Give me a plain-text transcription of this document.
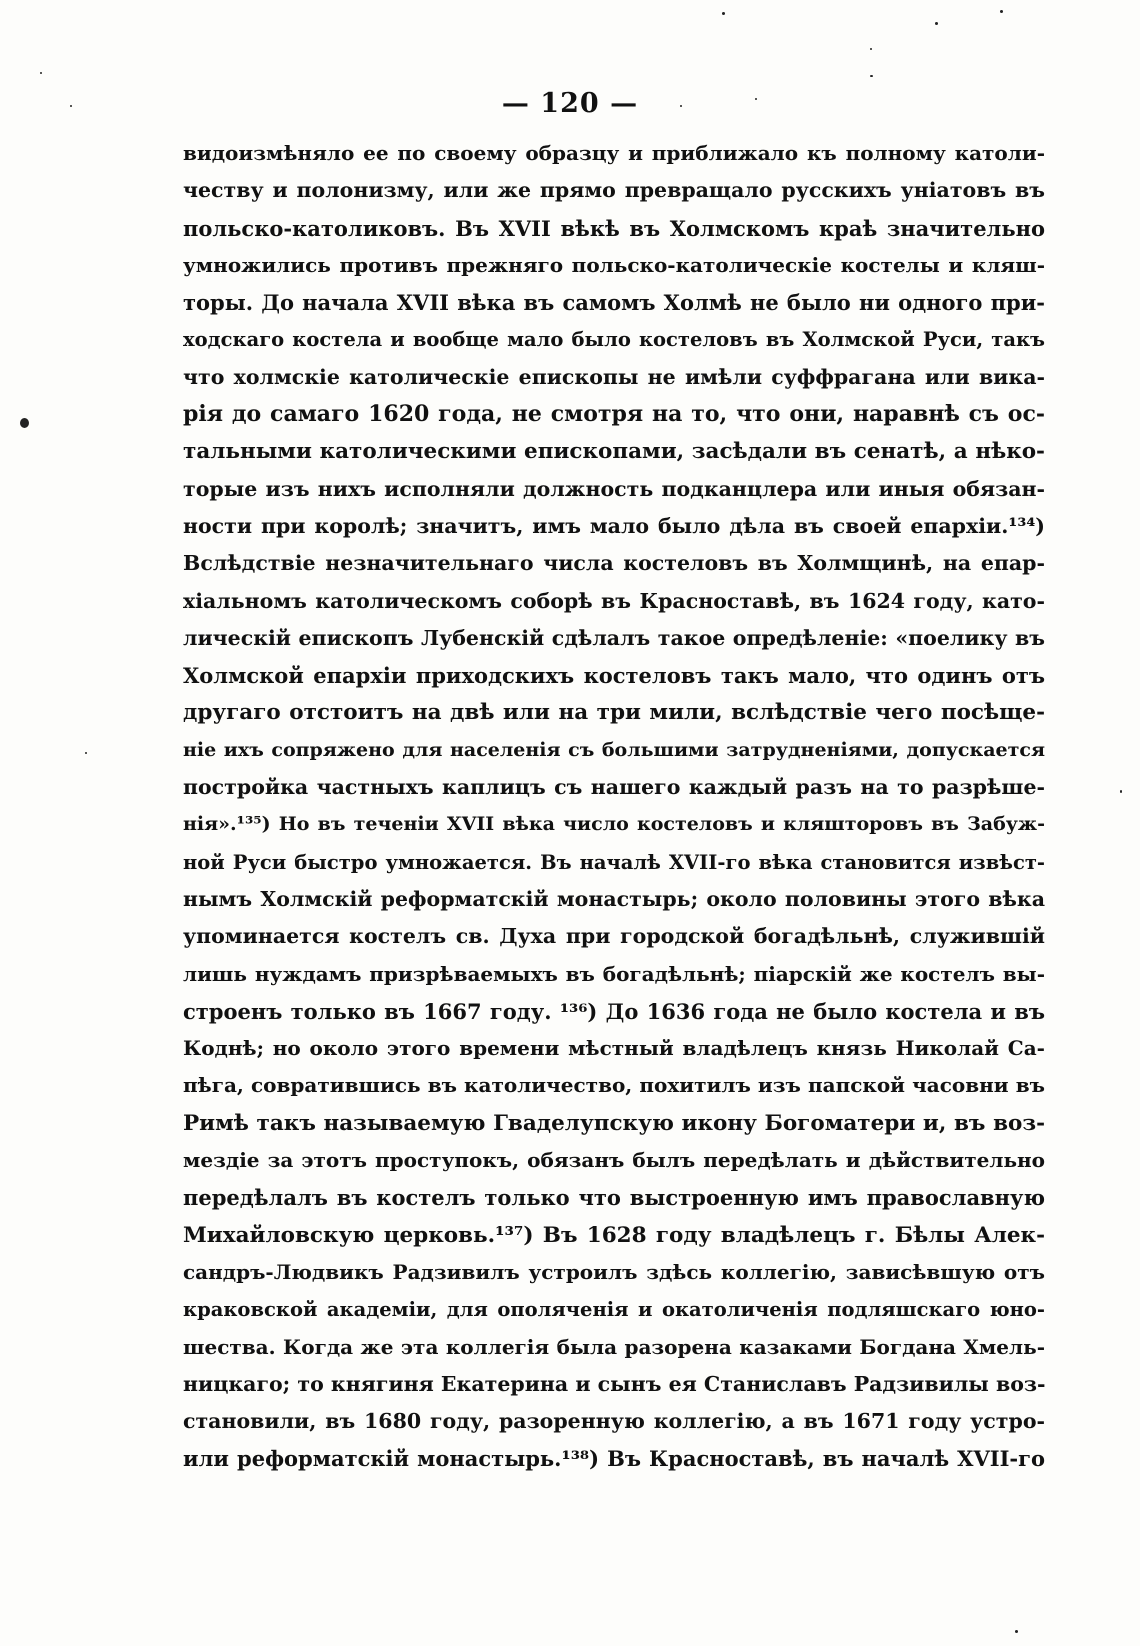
— 120 —
видоизмѣняло ее по своему образцу и приближало къ полному католи-
честву и полонизму, или же прямо превращало русскихъ уніатовъ въ
польско-католиковъ. Въ XVII вѣкѣ въ Холмскомъ краѣ значительно
умножились противъ прежняго польско-католическіе костелы и кляш-
торы. До начала XVII вѣка въ самомъ Холмѣ не было ни одного при-
ходскаго костела и вообще мало было костеловъ въ Холмской Руси, такъ
что холмскіе католическіе епископы не имѣли суффрагана или вика-
рія до самаго 1620 года, не смотря на то, что они, наравнѣ съ ос-
тальными католическими епископами, засѣдали въ сенатѣ, а нѣко-
торые изъ нихъ исполняли должность подканцлера или иныя обязан-
ности при королѣ; значитъ, имъ мало было дѣла въ своей епархіи.¹³⁴)
Вслѣдствіе незначительнаго числа костеловъ въ Холмщинѣ, на епар-
хіальномъ католическомъ соборѣ въ Красноставѣ, въ 1624 году, като-
лическій епископъ Лубенскій сдѣлалъ такое опредѣленіе: «поелику въ
Холмской епархіи приходскихъ костеловъ такъ мало, что одинъ отъ
другаго отстоитъ на двѣ или на три мили, вслѣдствіе чего посѣще-
ніе ихъ сопряжено для населенія съ большими затрудненіями, допускается
постройка частныхъ каплицъ съ нашего каждый разъ на то разрѣше-
нія».¹³⁵) Но въ теченіи XVII вѣка число костеловъ и кляшторовъ въ Забуж-
ной Руси быстро умножается. Въ началѣ XVII-го вѣка становится извѣст-
нымъ Холмскій реформатскій монастырь; около половины этого вѣка
упоминается костелъ св. Духа при городской богадѣльнѣ, служившій
лишь нуждамъ призрѣваемыхъ въ богадѣльнѣ; піарскій же костелъ вы-
строенъ только въ 1667 году. ¹³⁶) До 1636 года не было костела и въ
Коднѣ; но около этого времени мѣстный владѣлецъ князь Николай Са-
пѣга, совратившись въ католичество, похитилъ изъ папской часовни въ
Римѣ такъ называемую Гваделупскую икону Богоматери и, въ воз-
мездіе за этотъ проступокъ, обязанъ былъ передѣлать и дѣйствительно
передѣлалъ въ костелъ только что выстроенную имъ православную
Михайловскую церковь.¹³⁷) Въ 1628 году владѣлецъ г. Бѣлы Алек-
сандръ-Людвикъ Радзивилъ устроилъ здѣсь коллегію, зависѣвшую отъ
краковской академіи, для ополяченія и окатоличенія подляшскаго юно-
шества. Когда же эта коллегія была разорена казаками Богдана Хмель-
ницкаго; то княгиня Екатерина и сынъ ея Станиславъ Радзивилы воз-
становили, въ 1680 году, разоренную коллегію, а въ 1671 году устро-
или реформатскій монастырь.¹³⁸) Въ Красноставѣ, въ началѣ XVII-го
